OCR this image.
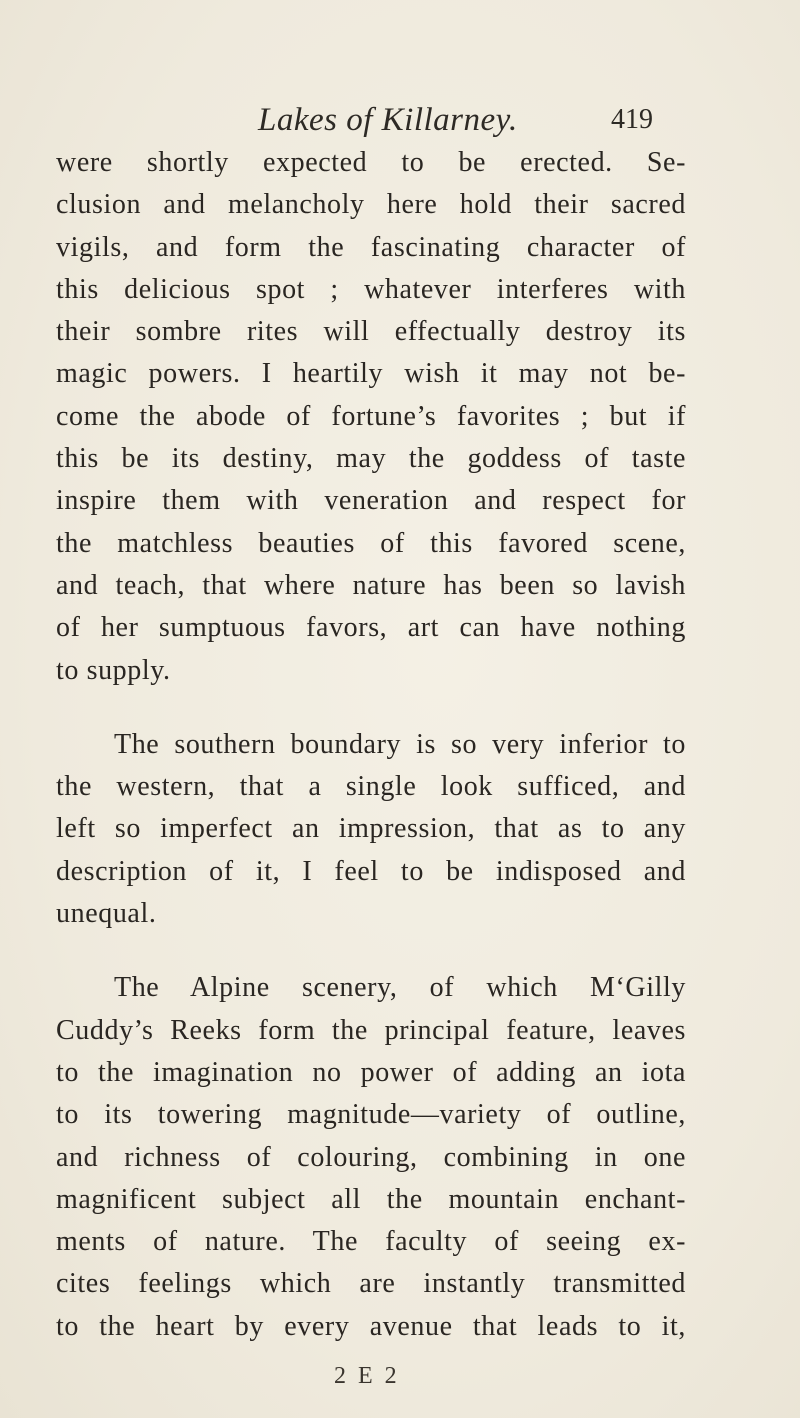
Lakes of Killarney.	419
were shortly expected to be erected. Se-
clusion and melancholy here hold their sacred
vigils, and form the fascinating character of
this delicious spot ; whatever interferes with
their sombre rites will effectually destroy its
magic powers. I heartily wish it may not be-
come the abode of fortune’s favorites ; but if
this be its destiny, may the goddess of taste
inspire them with veneration and respect for
the matchless beauties of this favored scene,
and teach, that where nature has been so lavish
of her sumptuous favors, art can have nothing
to supply.
The southern boundary is so very inferior to
the western, that a single look sufficed, and
left so imperfect an impression, that as to any
description of it, I feel to be indisposed and
unequal.
The Alpine scenery, of which M‘Gilly
Cuddy’s Reeks form the principal feature, leaves
to the imagination no power of adding an iota
to its towering magnitude—variety of outline,
and richness of colouring, combining in one
magnificent subject all the mountain enchant-
ments of nature. The faculty of seeing ex-
cites feelings which are instantly transmitted
to the heart by every avenue that leads to it,
2 E 2
